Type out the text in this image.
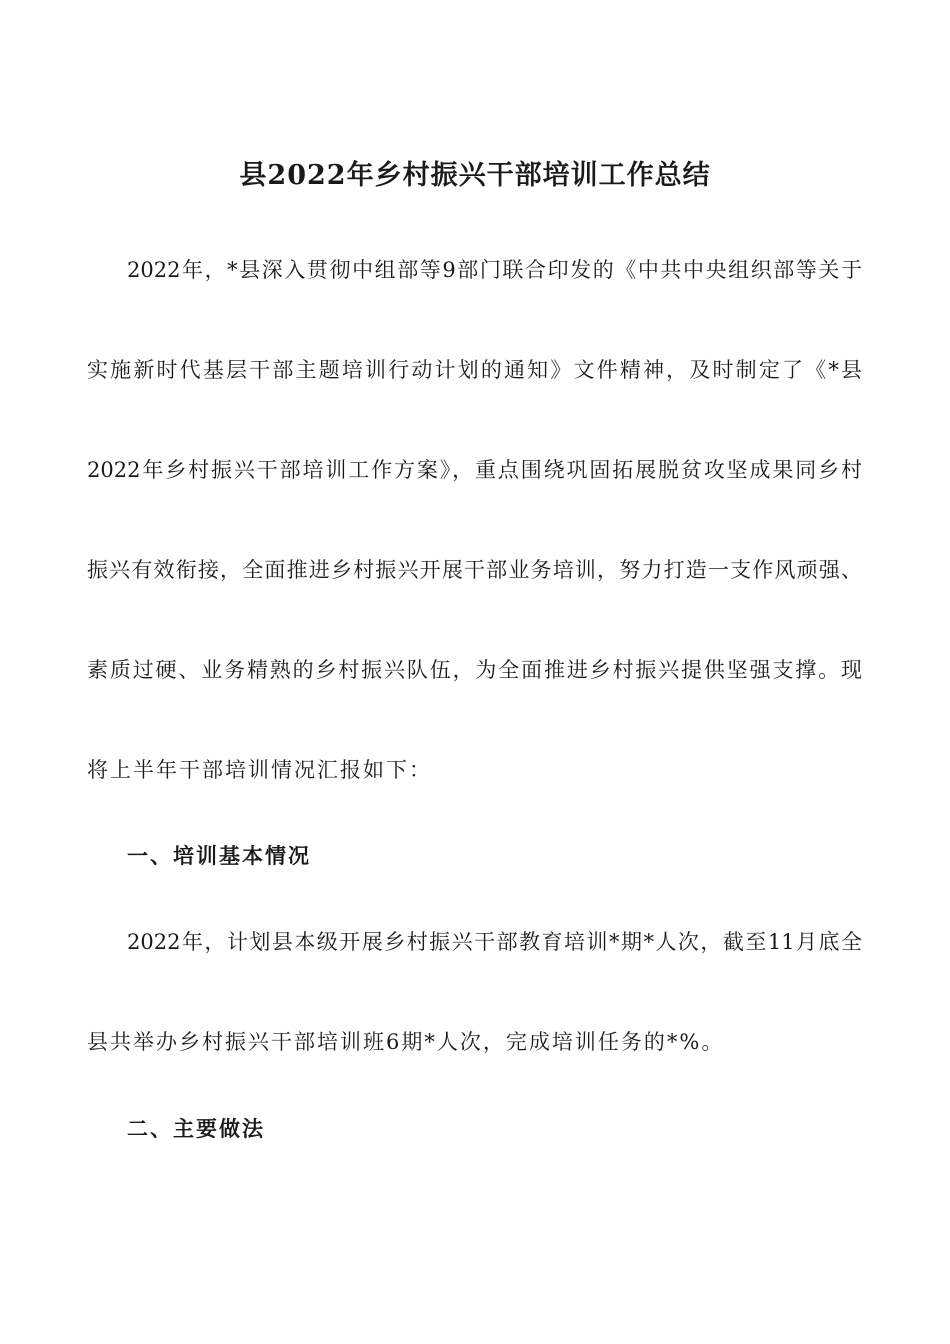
县2022年乡村振兴干部培训工作总结
2022年，*县深入贯彻中组部等9部门联合印发的《中共中央组织部等关于
实施新时代基层干部主题培训行动计划的通知》文件精神，及时制定了《*县
2022年乡村振兴干部培训工作方案》，重点围绕巩固拓展脱贫攻坚成果同乡村
振兴有效衔接，全面推进乡村振兴开展干部业务培训，努力打造一支作风顽强、
素质过硬、业务精熟的乡村振兴队伍，为全面推进乡村振兴提供坚强支撑。现
将上半年干部培训情况汇报如下：
一、培训基本情况
2022年，计划县本级开展乡村振兴干部教育培训*期*人次，截至11月底全
县共举办乡村振兴干部培训班6期*人次，完成培训任务的*%。
二、主要做法
